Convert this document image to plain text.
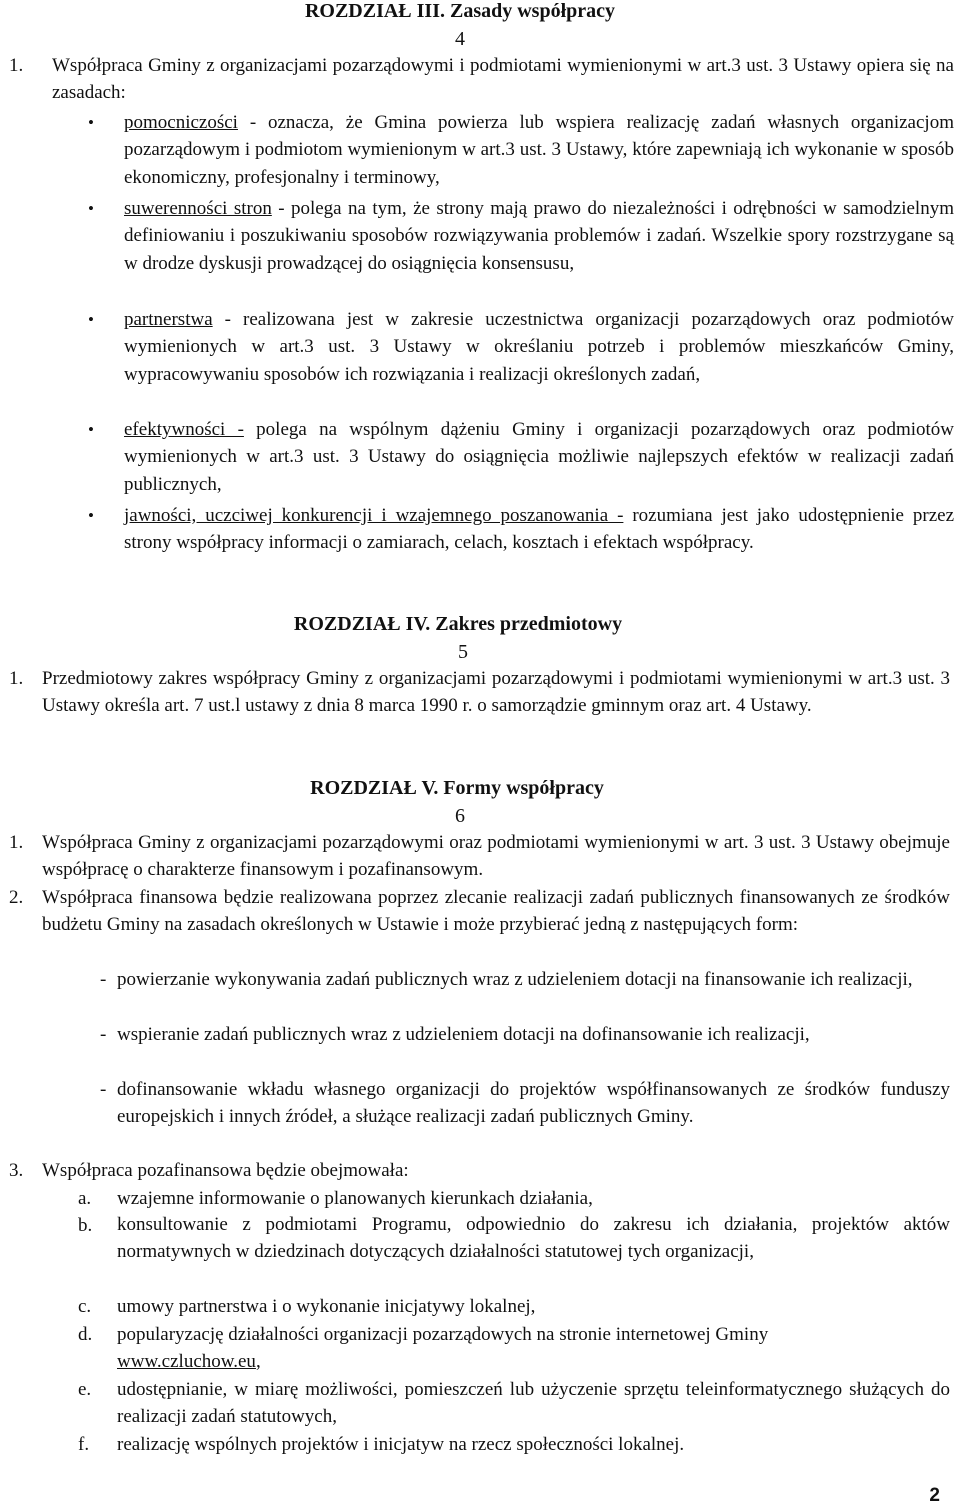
ROZDZIAŁ III. Zasady współpracy
4
1. Współpraca Gminy z organizacjami pozarządowymi i podmiotami wymienionymi w art.3 ust. 3 Ustawy opiera się na zasadach:
• pomocniczości - oznacza, że Gmina powierza lub wspiera realizację zadań własnych organizacjom pozarządowym i podmiotom wymienionym w art.3 ust. 3 Ustawy, które zapewniają ich wykonanie w sposób ekonomiczny, profesjonalny i terminowy,
• suwerenności stron - polega na tym, że strony mają prawo do niezależności i odrębności w samodzielnym definiowaniu i poszukiwaniu sposobów rozwiązywania problemów i zadań. Wszelkie spory rozstrzygane są w drodze dyskusji prowadzącej do osiągnięcia konsensusu,
• partnerstwa - realizowana jest w zakresie uczestnictwa organizacji pozarządowych oraz podmiotów wymienionych w art.3 ust. 3 Ustawy w określaniu potrzeb i problemów mieszkańców Gminy, wypracowywaniu sposobów ich rozwiązania i realizacji określonych zadań,
• efektywności - polega na wspólnym dążeniu Gminy i organizacji pozarządowych oraz podmiotów wymienionych w art.3 ust. 3 Ustawy do osiągnięcia możliwie najlepszych efektów w realizacji zadań publicznych,
• jawności, uczciwej konkurencji i wzajemnego poszanowania - rozumiana jest jako udostępnienie przez strony współpracy informacji o zamiarach, celach, kosztach i efektach współpracy.
ROZDZIAŁ IV. Zakres przedmiotowy
5
1. Przedmiotowy zakres współpracy Gminy z organizacjami pozarządowymi i podmiotami wymienionymi w art.3 ust. 3 Ustawy określa art. 7 ust.l ustawy z dnia 8 marca 1990 r. o samorządzie gminnym oraz art. 4 Ustawy.
ROZDZIAŁ V. Formy współpracy
6
1. Współpraca Gminy z organizacjami pozarządowymi oraz podmiotami wymienionymi w art. 3 ust. 3 Ustawy obejmuje współpracę o charakterze finansowym i pozafinansowym.
2. Współpraca finansowa będzie realizowana poprzez zlecanie realizacji zadań publicznych finansowanych ze środków budżetu Gminy na zasadach określonych w Ustawie i może przybierać jedną z następujących form:
- powierzanie wykonywania zadań publicznych wraz z udzieleniem dotacji na finansowanie ich realizacji,
- wspieranie zadań publicznych wraz z udzieleniem dotacji na dofinansowanie ich realizacji,
- dofinansowanie wkładu własnego organizacji do projektów współfinansowanych ze środków funduszy europejskich i innych źródeł, a służące realizacji zadań publicznych Gminy.
3. Współpraca pozafinansowa będzie obejmowała:
a. wzajemne informowanie o planowanych kierunkach działania,
b. konsultowanie z podmiotami Programu, odpowiednio do zakresu ich działania, projektów aktów normatywnych w dziedzinach dotyczących działalności statutowej tych organizacji,
c. umowy partnerstwa i o wykonanie inicjatywy lokalnej,
d. popularyzację działalności organizacji pozarządowych na stronie internetowej Gminy
www.czluchow.eu,
e. udostępnianie, w miarę możliwości, pomieszczeń lub użyczenie sprzętu teleinformatycznego służących do realizacji zadań statutowych,
f. realizację wspólnych projektów i inicjatyw na rzecz społeczności lokalnej.
2
